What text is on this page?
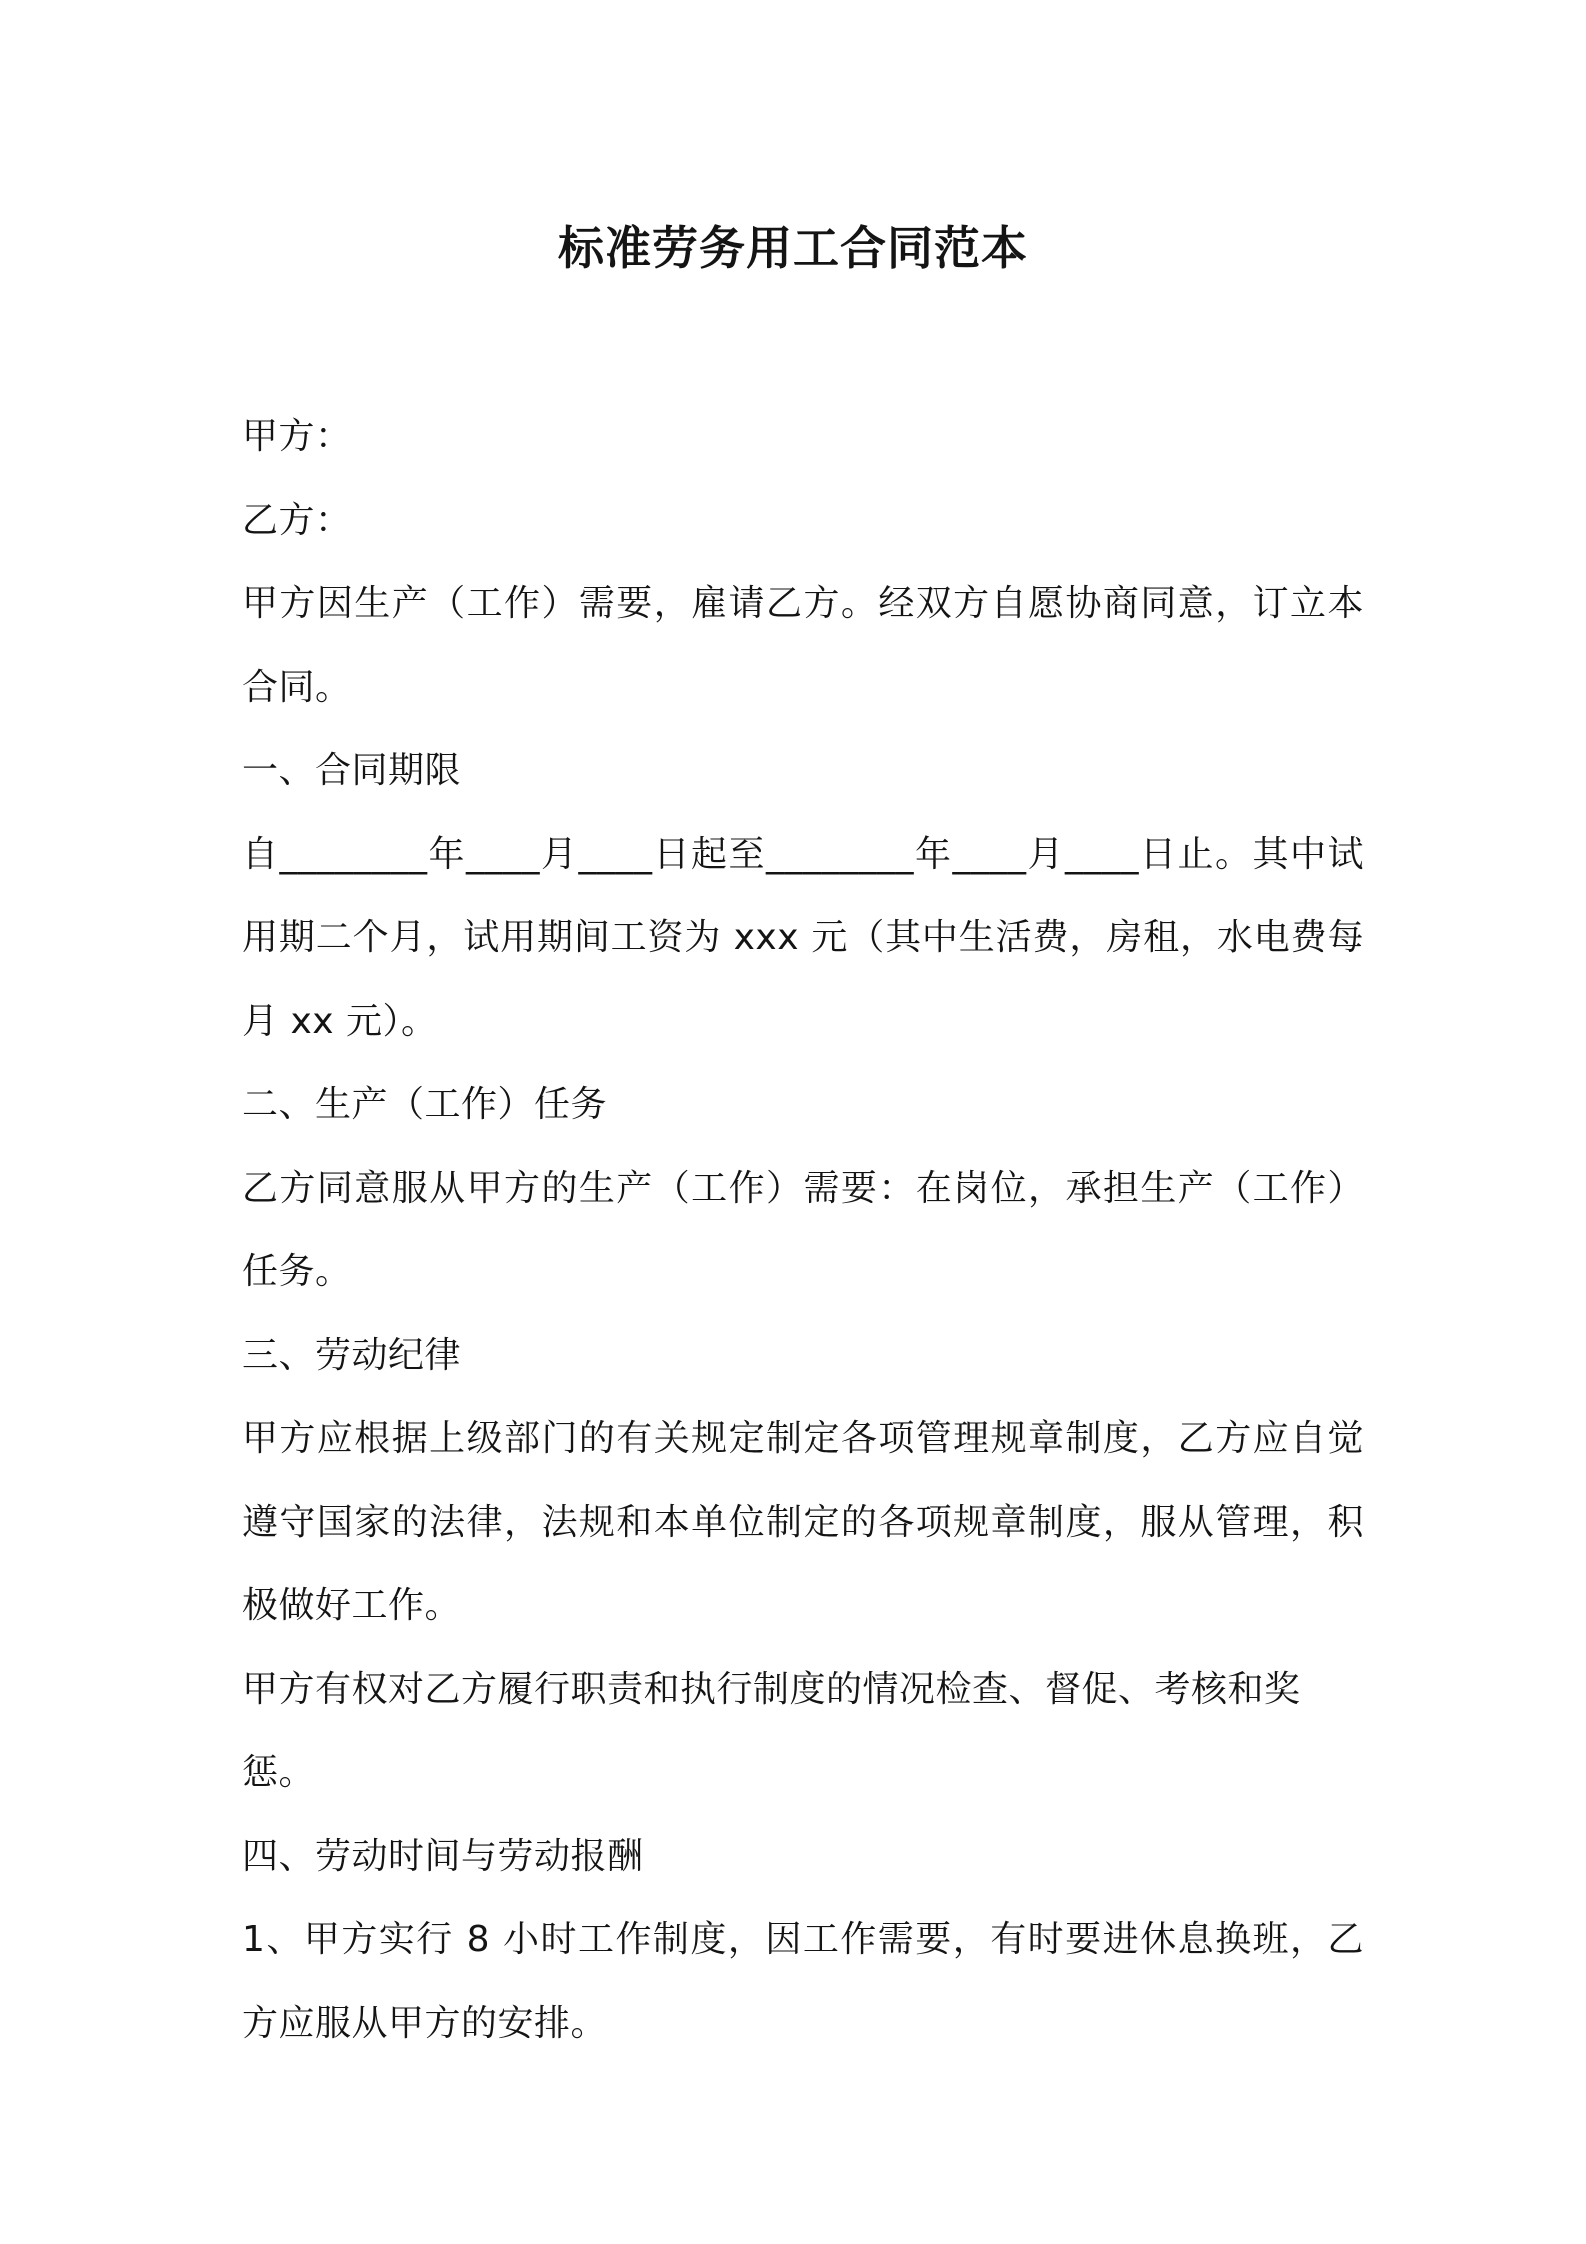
标准劳务用工合同范本

甲方：

乙方：

甲方因生产（工作）需要，雇请乙方。经双方自愿协商同意，订立本合同。

一、合同期限

自________年____月____日起至________年____月____日止。其中试用期二个月，试用期间工资为 xxx 元（其中生活费，房租，水电费每月 xx 元）。

二、生产（工作）任务

乙方同意服从甲方的生产（工作）需要：在岗位，承担生产（工作）任务。

三、劳动纪律

甲方应根据上级部门的有关规定制定各项管理规章制度，乙方应自觉遵守国家的法律，法规和本单位制定的各项规章制度，服从管理，积极做好工作。

甲方有权对乙方履行职责和执行制度的情况检查、督促、考核和奖惩。

四、劳动时间与劳动报酬

1、甲方实行 8 小时工作制度，因工作需要，有时要进休息换班，乙方应服从甲方的安排。
